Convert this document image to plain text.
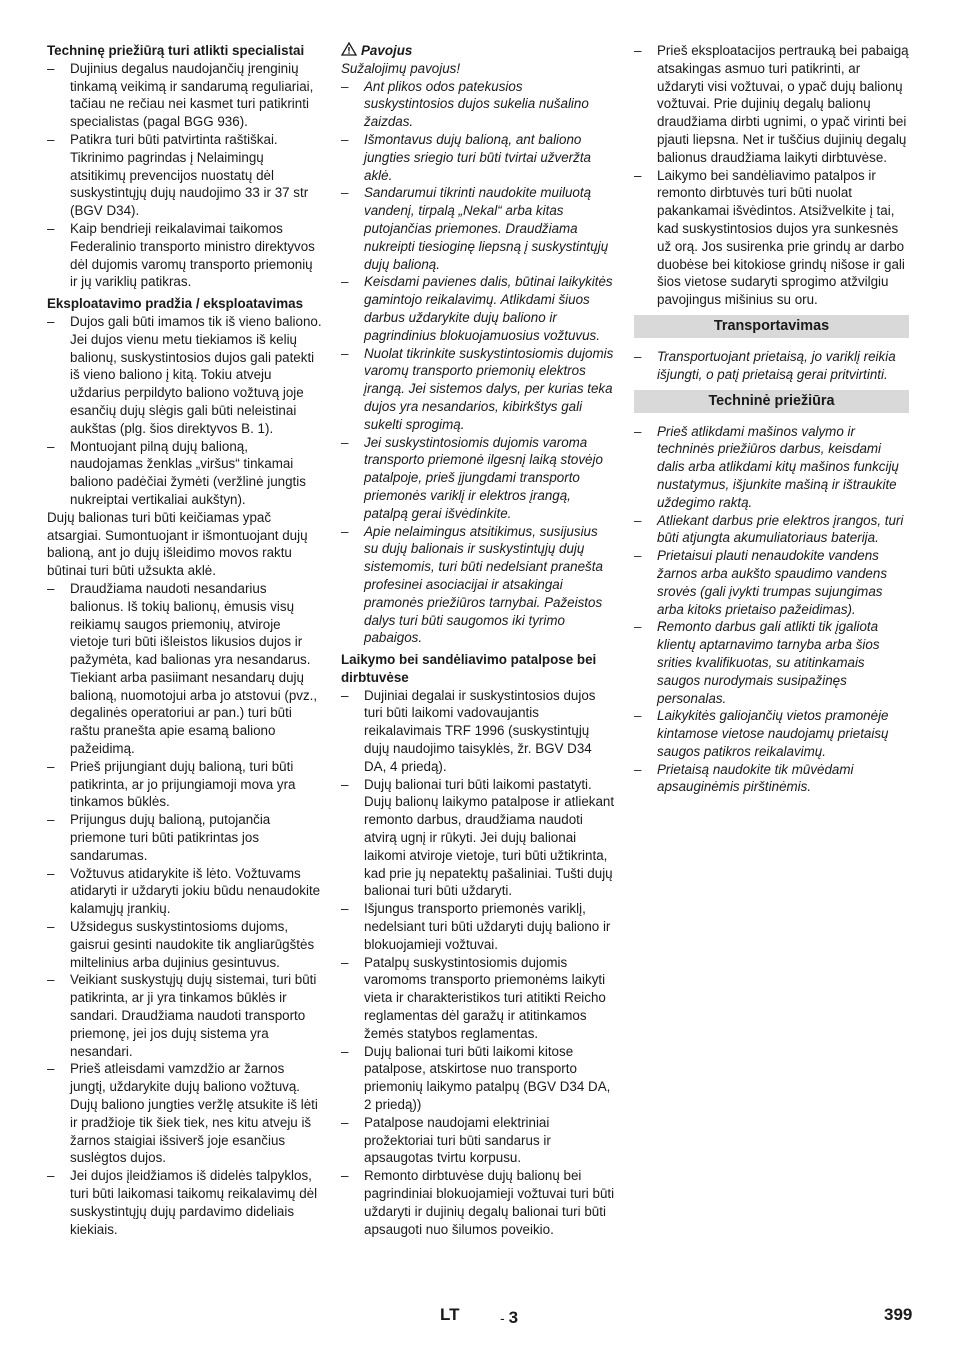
Techninę priežiūrą turi atlikti specialistai

– Dujinius degalus naudojančių įrenginių tinkamą veikimą ir sandarumą reguliariai, tačiau ne rečiau nei kasmet turi patikrinti specialistas (pagal BGG 936).
– Patikra turi būti patvirtinta raštiškai. Tikrinimo pagrindas į Nelaimingų atsitikimų prevencijos nuostatų dėl suskystintųjų dujų naudojimo 33 ir 37 str (BGV D34).
– Kaip bendrieji reikalavimai taikomos Federalinio transporto ministro direktyvos dėl dujomis varomų transporto priemonių ir jų variklių patikras.

Eksploatavimo pradžia / eksploatavimas

– Dujos gali būti imamos tik iš vieno baliono. Jei dujos vienu metu tiekiamos iš kelių balionų, suskystintosios dujos gali patekti iš vieno baliono į kitą. Tokiu atveju uždarius perpildyto baliono vožtuvą joje esančių dujų slėgis gali būti neleistinai aukštas (plg. šios direktyvos B. 1).
– Montuojant pilną dujų balioną, naudojamas ženklas „viršus“ tinkamai baliono padėčiai žymėti (veržlinė jungtis nukreiptai vertikaliai aukštyn).

Dujų balionas turi būti keičiamas ypač atsargiai. Sumontuojant ir išmontuojant dujų balioną, ant jo dujų išleidimo movos raktu būtinai turi būti užsukta aklė.

– Draudžiama naudoti nesandarius balionus. Iš tokių balionų, ėmusis visų reikiamų saugos priemonių, atviroje vietoje turi būti išleistos likusios dujos ir pažymėta, kad balionas yra nesandarus. Tiekiant arba pasiimant nesandarų dujų balioną, nuomotojui arba jo atstovui (pvz., degalinės operatoriui ar pan.) turi būti raštu pranešta apie esamą baliono pažeidimą.
– Prieš prijungiant dujų balioną, turi būti patikrinta, ar jo prijungiamoji mova yra tinkamos būklės.
– Prijungus dujų balioną, putojančia priemone turi būti patikrintas jos sandarumas.
– Vožtuvus atidarykite iš lėto. Vožtuvams atidaryti ir uždaryti jokiu būdu nenaudokite kalamųjų įrankių.
– Užsidegus suskystintosioms dujoms, gaisrui gesinti naudokite tik angliarūgštės miltelinius arba dujinius gesintuvus.
– Veikiant suskystųjų dujų sistemai, turi būti patikrinta, ar ji yra tinkamos būklės ir sandari. Draudžiama naudoti transporto priemonę, jei jos dujų sistema yra nesandari.
– Prieš atleisdami vamzdžio ar žarnos jungtį, uždarykite dujų baliono vožtuvą. Dujų baliono jungties veržlę atsukite iš lėti ir pradžioje tik šiek tiek, nes kitu atveju iš žarnos staigiai išsiverš joje esančius suslėgtos dujos.
– Jei dujos įleidžiamos iš didelės talpyklos, turi būti laikomasi taikomų reikalavimų dėl suskystintųjų dujų pardavimo dideliais kiekiais.

Pavojus

Sužalojimų pavojus!

– Ant plikos odos patekusios suskystintosios dujos sukelia nušalino žaizdas.
– Išmontavus dujų balioną, ant baliono jungties sriegio turi būti tvirtai užveržta aklė.
– Sandarumui tikrinti naudokite muiluotą vandenį, tirpalą „Nekal“ arba kitas putojančias priemones. Draudžiama nukreipti tiesioginę liepsną į suskystintųjų dujų balioną.
– Keisdami pavienes dalis, būtinai laikykitės gamintojo reikalavimų. Atlikdami šiuos darbus uždarykite dujų baliono ir pagrindinius blokuojamuosius vožtuvus.
– Nuolat tikrinkite suskystintosiomis dujomis varomų transporto priemonių elektros įrangą. Jei sistemos dalys, per kurias teka dujos yra nesandarios, kibirkštys gali sukelti sprogimą.
– Jei suskystintosiomis dujomis varoma transporto priemonė ilgesnį laiką stovėjo patalpoje, prieš įjungdami transporto priemonės variklį ir elektros įrangą, patalpą gerai išvėdinkite.
– Apie nelaimingus atsitikimus, susijusius su dujų balionais ir suskystintųjų dujų sistemomis, turi būti nedelsiant pranešta profesinei asociacijai ir atsakingai pramonės priežiūros tarnybai. Pažeistos dalys turi būti saugomos iki tyrimo pabaigos.

Laikymo bei sandėliavimo patalpose bei dirbtuvėse

– Dujiniai degalai ir suskystintosios dujos turi būti laikomi vadovaujantis reikalavimais TRF 1996 (suskystintųjų dujų naudojimo taisyklės, žr. BGV D34 DA, 4 priedą).
– Dujų balionai turi būti laikomi pastatyti. Dujų balionų laikymo patalpose ir atliekant remonto darbus, draudžiama naudoti atvirą ugnį ir rūkyti. Jei dujų balionai laikomi atviroje vietoje, turi būti užtikrinta, kad prie jų nepatektų pašaliniai. Tušti dujų balionai turi būti uždaryti.
– Išjungus transporto priemonės variklį, nedelsiant turi būti uždaryti dujų baliono ir blokuojamieji vožtuvai.
– Patalpų suskystintosiomis dujomis varomoms transporto priemonėms laikyti vieta ir charakteristikos turi atitikti Reicho reglamentas dėl garažų ir atitinkamos žemės statybos reglamentas.
– Dujų balionai turi būti laikomi kitose patalpose, atskirtose nuo transporto priemonių laikymo patalpų (BGV D34 DA, 2 priedą))
– Patalpose naudojami elektriniai prožektoriai turi būti sandarus ir apsaugotas tvirtu korpusu.
– Remonto dirbtuvėse dujų balionų bei pagrindiniai blokuojamieji vožtuvai turi būti uždaryti ir dujinių degalų balionai turi būti apsaugoti nuo šilumos poveikio.
– Prieš eksploatacijos pertrauką bei pabaigą atsakingas asmuo turi patikrinti, ar uždaryti visi vožtuvai, o ypač dujų balionų vožtuvai. Prie dujinių degalų balionų draudžiama dirbti ugnimi, o ypač virinti bei pjauti liepsna. Net ir tuščius dujinių degalų balionus draudžiama laikyti dirbtuvėse.
– Laikymo bei sandėliavimo patalpos ir remonto dirbtuvės turi būti nuolat pakankamai išvėdintos. Atsižvelkite į tai, kad suskystintosios dujos yra sunkesnės už orą. Jos susirenka prie grindų ar darbo duobėse bei kitokiose grindų nišose ir gali šios vietose sudaryti sprogimo atžvilgiu pavojingus mišinius su oru.
Transportavimas
– Transportuojant prietaisą, jo variklį reikia išjungti, o patį prietaisą gerai pritvirtinti.
Techninė priežiūra
– Prieš atlikdami mašinos valymo ir techninės priežiūros darbus, keisdami dalis arba atlikdami kitų mašinos funkcijų nustatymus, išjunkite mašiną ir ištraukite uždegimo raktą.
– Atliekant darbus prie elektros įrangos, turi būti atjungta akumuliatoriaus baterija.
– Prietaisui plauti nenaudokite vandens žarnos arba aukšto spaudimo vandens srovės (gali įvykti trumpas sujungimas arba kitoks prietaiso pažeidimas).
– Remonto darbus gali atlikti tik įgaliota klientų aptarnavimo tarnyba arba šios srities kvalifikuotas, su atitinkamais saugos nurodymais susipažinęs personalas.
– Laikykitės galiojančių vietos pramonėje kintamose vietose naudojamų prietaisų saugos patikros reikalavimų.
– Prietaisą naudokite tik mūvėdami apsauginėmis pirštinėmis.
LT	- 3	399
